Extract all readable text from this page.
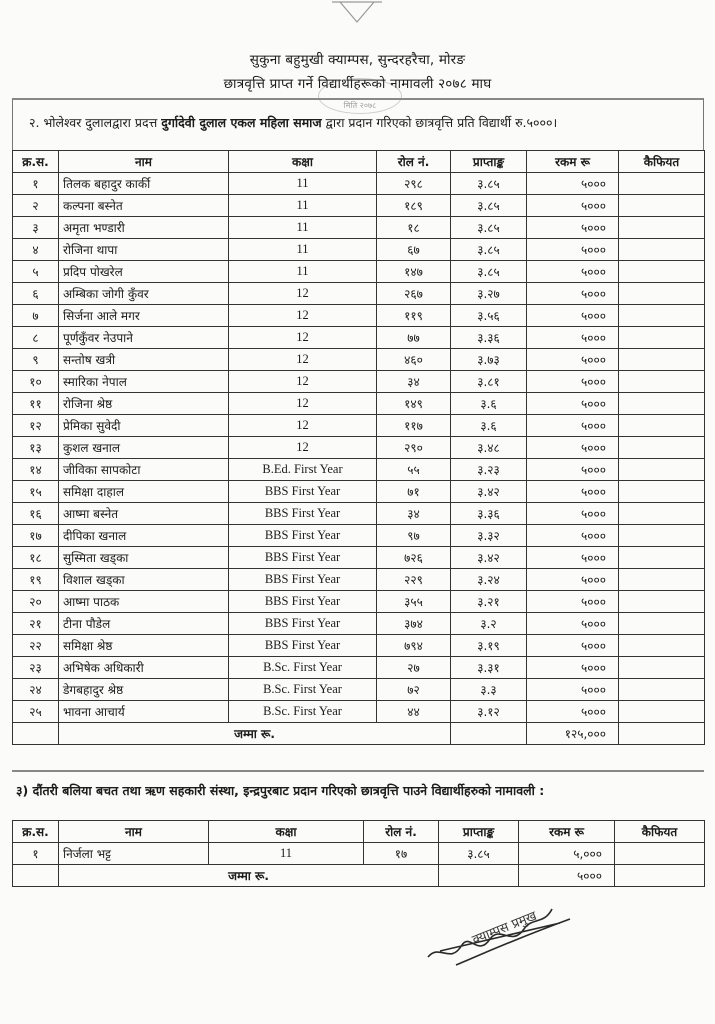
सुकुना बहुमुखी क्याम्पस, सुन्दरहरैचा, मोरङ
छात्रवृत्ति प्राप्त गर्ने विद्यार्थीहरूको नामावली २०७८ माघ
मिति २०७८
२. भोलेश्वर दुलालद्वारा प्रदत्त दुर्गादेवी दुलाल एकल महिला समाज द्वारा प्रदान गरिएको छात्रवृत्ति प्रति विद्यार्थी रु.५०००।
क्र.स.	नाम	कक्षा	रोल नं.	प्राप्ताङ्क	रकम रू	कैफियत
१	तिलक बहादुर कार्की	11	२९८	३.८५	५०००	
२	कल्पना बस्नेत	11	१८९	३.८५	५०००	
३	अमृता भण्डारी	11	१८	३.८५	५०००	
४	रोजिना थापा	11	६७	३.८५	५०००	
५	प्रदिप पोखरेल	11	१४७	३.८५	५०००	
६	अम्बिका जोगी कुँवर	12	२६७	३.२७	५०००	
७	सिर्जना आले मगर	12	११९	३.५६	५०००	
८	पूर्णकुँवर नेउपाने	12	७७	३.३६	५०००	
९	सन्तोष खत्री	12	४६०	३.७३	५०००	
१०	स्मारिका नेपाल	12	३४	३.८१	५०००	
११	रोजिना श्रेष्ठ	12	१४९	३.६	५०००	
१२	प्रेमिका सुवेदी	12	११७	३.६	५०००	
१३	कुशल खनाल	12	२९०	३.४८	५०००	
१४	जीविका सापकोटा	B.Ed. First Year	५५	३.२३	५०००	
१५	समिक्षा दाहाल	BBS First Year	७१	३.४२	५०००	
१६	आष्मा बस्नेत	BBS First Year	३४	३.३६	५०००	
१७	दीपिका खनाल	BBS First Year	९७	३.३२	५०००	
१८	सुस्मिता खड्का	BBS First Year	७२६	३.४२	५०००	
१९	विशाल खड्का	BBS First Year	२२९	३.२४	५०००	
२०	आष्मा पाठक	BBS First Year	३५५	३.२१	५०००	
२१	टीना पौडेल	BBS First Year	३७४	३.२	५०००	
२२	समिक्षा श्रेष्ठ	BBS First Year	७९४	३.१९	५०००	
२३	अभिषेक अधिकारी	B.Sc. First Year	२७	३.३१	५०००	
२४	डेगबहादुर श्रेष्ठ	B.Sc. First Year	७२	३.३	५०००	
२५	भावना आचार्य	B.Sc. First Year	४४	३.१२	५०००	
	जम्मा रू.				१२५,०००	
३) दौंतरी बलिया बचत तथा ऋण सहकारी संस्था, इन्द्रपुरबाट प्रदान गरिएको छात्रवृत्ति पाउने विद्यार्थीहरुको नामावली :
क्र.स.	नाम	कक्षा	रोल नं.	प्राप्ताङ्क	रकम रू	कैफियत
१	निर्जला भट्ट	11	१७	३.८५	५,०००	
	जम्मा रू.				५०००	
क्याम्पस प्रमुख
